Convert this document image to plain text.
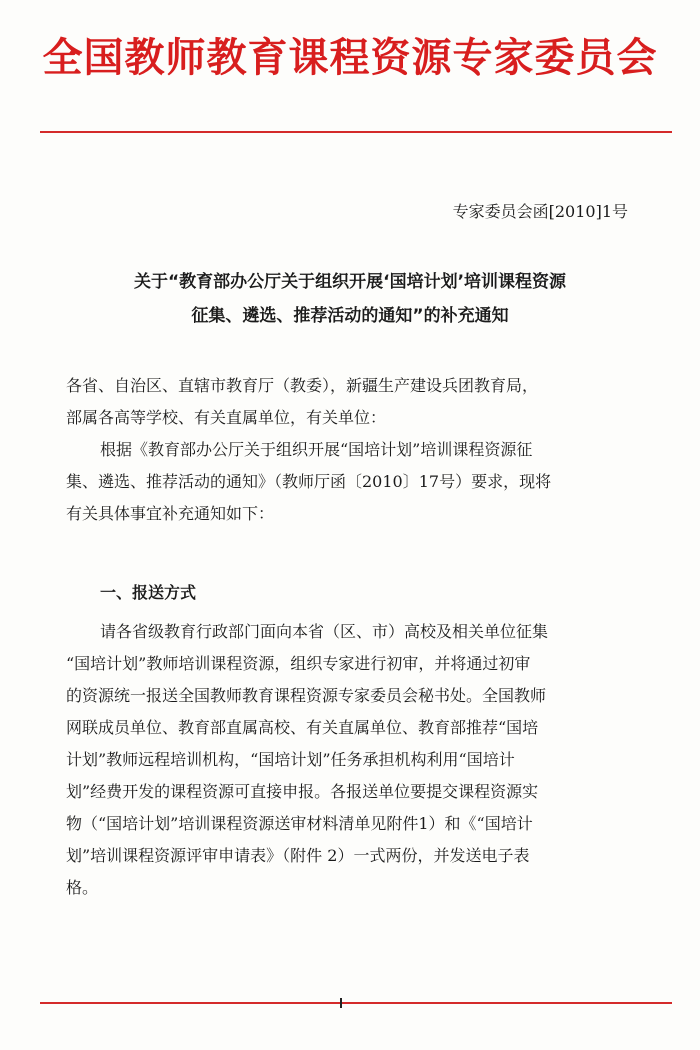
全国教师教育课程资源专家委员会
专家委员会函[2010]1号
关于“教育部办公厅关于组织开展‘国培计划’培训课程资源
征集、遴选、推荐活动的通知”的补充通知
各省、自治区、直辖市教育厅（教委），新疆生产建设兵团教育局，
部属各高等学校、有关直属单位，有关单位：
根据《教育部办公厅关于组织开展“国培计划”培训课程资源征
集、遴选、推荐活动的通知》（教师厅函〔2010〕17号）要求，现将
有关具体事宜补充通知如下：
一、报送方式
请各省级教育行政部门面向本省（区、市）高校及相关单位征集
“国培计划”教师培训课程资源，组织专家进行初审，并将通过初审
的资源统一报送全国教师教育课程资源专家委员会秘书处。全国教师
网联成员单位、教育部直属高校、有关直属单位、教育部推荐“国培
计划”教师远程培训机构，“国培计划”任务承担机构利用“国培计
划”经费开发的课程资源可直接申报。各报送单位要提交课程资源实
物（“国培计划”培训课程资源送审材料清单见附件1）和《“国培计
划”培训课程资源评审申请表》（附件 2）一式两份，并发送电子表
格。
